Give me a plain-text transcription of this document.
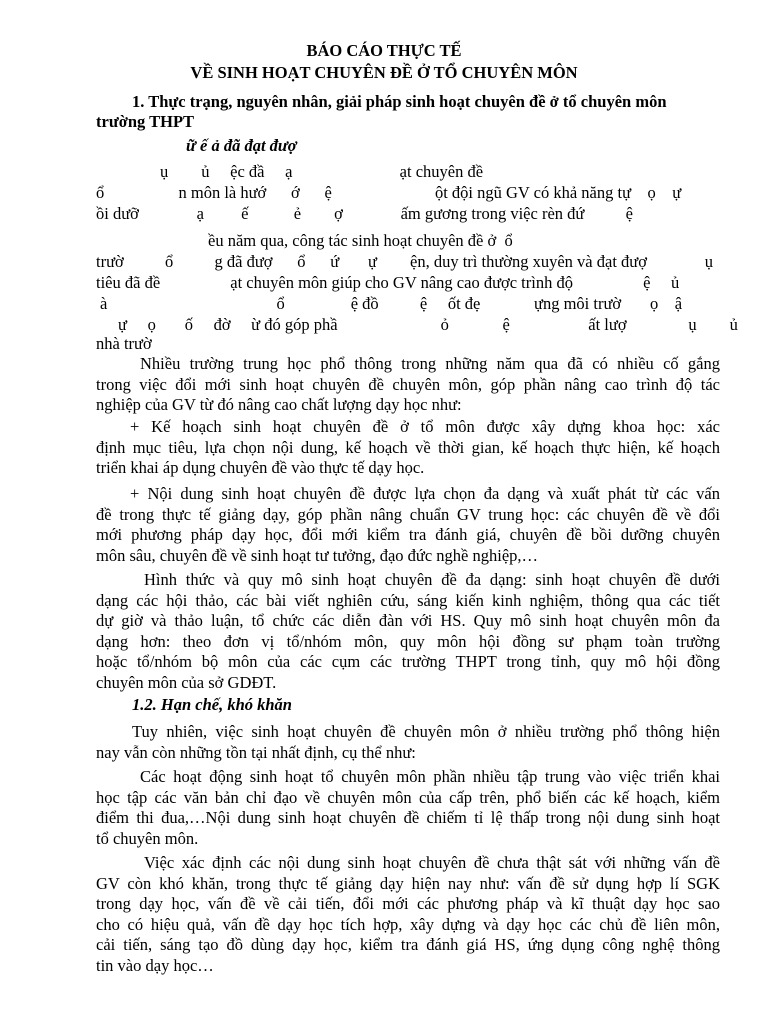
BÁO CÁO THỰC TẾ
VỀ SINH HOẠT CHUYÊN ĐỀ Ở TỔ CHUYÊN MÔN
1. Thực trạng, nguyên nhân, giải pháp sinh hoạt chuyên đề ở tổ chuyên môn
trường THPT
ữ ế ả đã đạt đượ
ụ        ủ     ệc đầ     ạ                          ạt chuyên đề
ổ                  n môn là hướ      ớ      ệ                         ột đội ngũ GV có khả năng tự    ọ    ự
ồi dưỡ              ạ         ế           ẻ        ợ              ấm gương trong việc rèn đứ          ệ
ều năm qua, công tác sinh hoạt chuyên đề ở  ổ
trườ          ổ          g đã đượ      ổ      ứ       ự        ện, duy trì thường xuyên và đạt đượ              ụ
tiêu đã đề                 ạt chuyên môn giúp cho GV nâng cao được trình độ                 ệ     ủ
à                                         ổ                ệ đồ          ệ     ốt đẹ             ựng môi trườ       ọ    ậ
ự     ọ       ố     đờ     ừ đó góp phầ                         ỏ             ệ                   ất lượ               ụ        ủ
nhà trườ
Nhiều trường trung học phổ thông trong những năm qua đã có nhiều cố gắng
trong việc đổi mới sinh hoạt chuyên đề chuyên môn, góp phần nâng cao trình độ tác
nghiệp của GV từ đó nâng cao chất lượng dạy học như:
+ Kế hoạch sinh hoạt chuyên đề ở tổ môn được xây dựng khoa học: xác
định mục tiêu, lựa chọn nội dung, kế hoạch về thời gian, kế hoạch thực hiện, kế hoạch
triển khai áp dụng chuyên đề vào thực tế dạy học.
+ Nội dung sinh hoạt chuyên đề được lựa chọn đa dạng và xuất phát từ các vấn
đề trong thực tế giảng dạy, góp phần nâng chuẩn GV trung học: các chuyên đề về đổi
mới phương pháp dạy học, đổi mới kiểm tra đánh giá, chuyên đề bồi dưỡng chuyên
môn sâu, chuyên đề về sinh hoạt tư tưởng, đạo đức nghề nghiệp,…
Hình thức và quy mô sinh hoạt chuyên đề đa dạng: sinh hoạt chuyên đề dưới
dạng các hội thảo, các bài viết nghiên cứu, sáng kiến kinh nghiệm, thông qua các tiết
dự giờ và thảo luận, tổ chức các diễn đàn với HS. Quy mô sinh hoạt chuyên môn đa
dạng hơn: theo đơn vị tổ/nhóm môn, quy môn hội đồng sư phạm toàn trường
hoặc tổ/nhóm bộ môn của các cụm các trường THPT trong tỉnh, quy mô hội đồng
chuyên môn của sở GDĐT.
1.2. Hạn chế, khó khăn
Tuy nhiên, việc sinh hoạt chuyên đề chuyên môn ở nhiều trường phổ thông hiện
nay vẫn còn những tồn tại nhất định, cụ thể như:
Các hoạt động sinh hoạt tổ chuyên môn phần nhiều tập trung vào việc triển khai
học tập các văn bản chỉ đạo về chuyên môn của cấp trên, phổ biến các kế hoạch, kiểm
điểm thi đua,…Nội dung sinh hoạt chuyên đề chiếm tỉ lệ thấp trong nội dung sinh hoạt
tổ chuyên môn.
Việc xác định các nội dung sinh hoạt chuyên đề chưa thật sát với những vấn đề
GV còn khó khăn, trong thực tế giảng dạy hiện nay như: vấn đề sử dụng hợp lí SGK
trong dạy học, vấn đề về cải tiến, đổi mới các phương pháp và kĩ thuật dạy học sao
cho có hiệu quả, vấn đề dạy học tích hợp, xây dựng và dạy học các chủ đề liên môn,
cải tiến, sáng tạo đồ dùng dạy học, kiểm tra đánh giá HS, ứng dụng công nghệ thông
tin vào dạy học…
